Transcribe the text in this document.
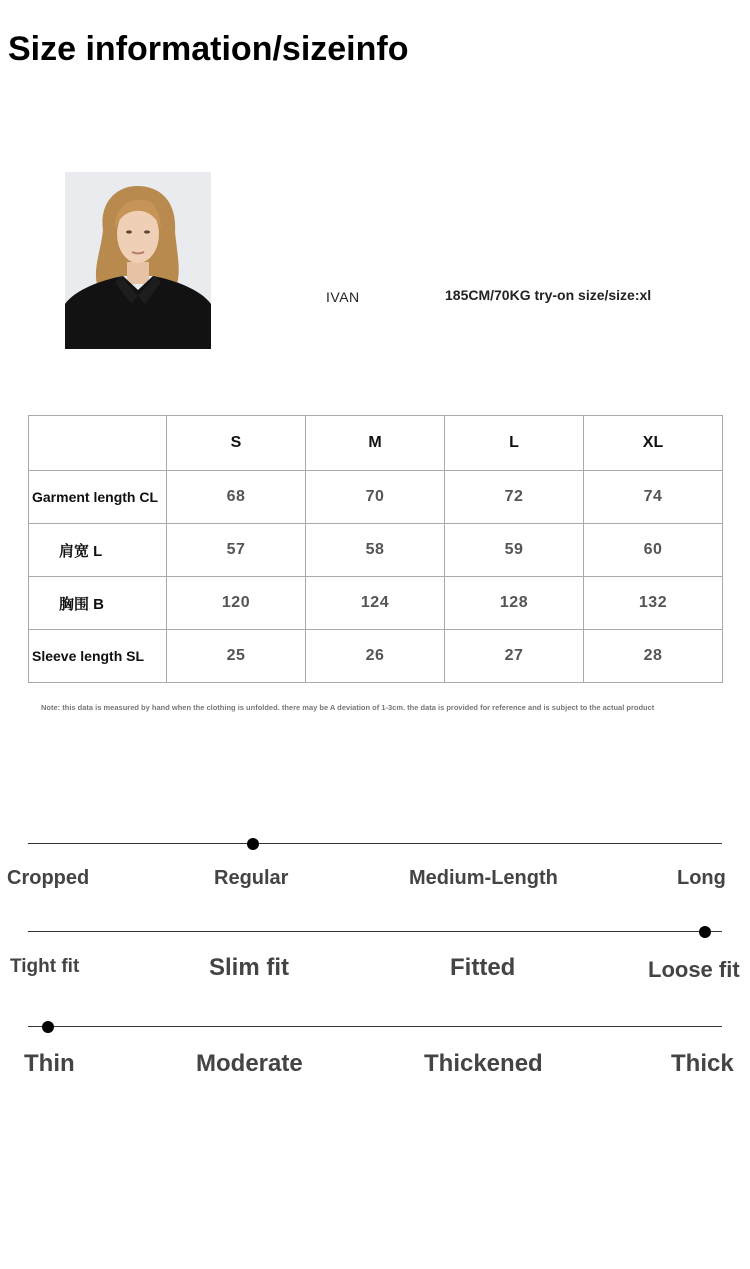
Size information/sizeinfo
IVAN	185CM/70KG try-on size/size:xl
	S	M	L	XL
Garment length CL	68	70	72	74
肩宽 L	57	58	59	60
胸围 B	120	124	128	132
Sleeve length SL	25	26	27	28
Note: this data is measured by hand when the clothing is unfolded. there may be A deviation of 1-3cm. the data is provided for reference and is subject to the actual product
Cropped	Regular	Medium-Length	Long
Tight fit	Slim fit	Fitted	Loose fit
Thin	Moderate	Thickened	Thick
